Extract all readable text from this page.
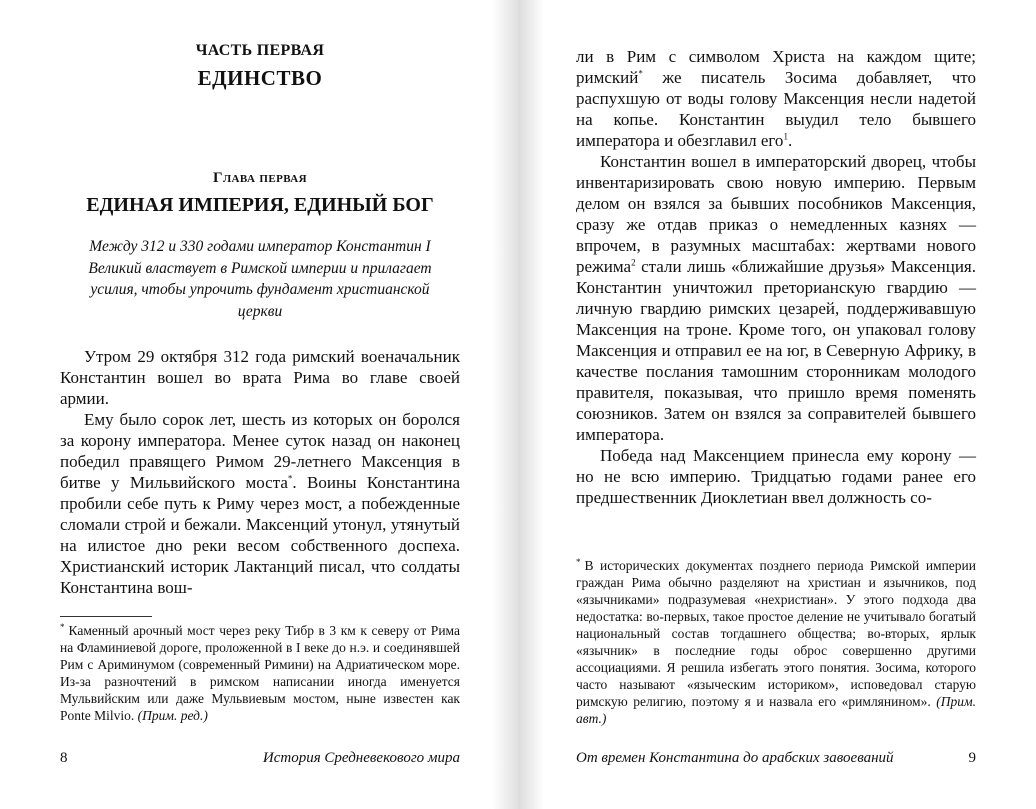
ЧАСТЬ ПЕРВАЯ
ЕДИНСТВО
Глава первая
ЕДИНАЯ ИМПЕРИЯ, ЕДИНЫЙ БОГ
Между 312 и 330 годами император Константин I Великий властвует в Римской империи и прилагает усилия, чтобы упрочить фундамент христианской церкви

Утром 29 октября 312 года римский военачальник Константин вошел во врата Рима во главе своей армии.

Ему было сорок лет, шесть из которых он боролся за корону императора. Менее суток назад он наконец победил правящего Римом 29-летнего Максенция в битве у Мильвийского моста*. Воины Константина пробили себе путь к Риму через мост, а побежденные сломали строй и бежали. Максенций утонул, утянутый на илистое дно реки весом собственного доспеха. Христианский историк Лактанций писал, что солдаты Константина вош-

* Каменный арочный мост через реку Тибр в 3 км к северу от Рима на Фламиниевой дороге, проложенной в I веке до н.э. и соединявшей Рим с Ариминумом (современный Римини) на Адриатическом море. Из-за разночтений в римском написании иногда именуется Мульвийским или даже Мульвиевым мостом, ныне известен как Ponte Milvio. (Прим. ред.)

8	История Средневекового мира

ли в Рим с символом Христа на каждом щите; римский* же писатель Зосима добавляет, что распухшую от воды голову Максенция несли надетой на копье. Константин выудил тело бывшего императора и обезглавил его$^1$.

Константин вошел в императорский дворец, чтобы инвентаризировать свою новую империю. Первым делом он взялся за бывших пособников Максенция, сразу же отдав приказ о немедленных казнях — впрочем, в разумных масштабах: жертвами нового режима$^2$ стали лишь «ближайшие друзья» Максенция. Константин уничтожил преторианскую гвардию — личную гвардию римских цезарей, поддерживавшую Максенция на троне. Кроме того, он упаковал голову Максенция и отправил ее на юг, в Северную Африку, в качестве послания тамошним сторонникам молодого правителя, показывая, что пришло время поменять союзников. Затем он взялся за соправителей бывшего императора.

Победа над Максенцием принесла ему корону — но не всю империю. Тридцатью годами ранее его предшественник Диоклетиан ввел должность со-

* В исторических документах позднего периода Римской империи граждан Рима обычно разделяют на христиан и язычников, под «язычниками» подразумевая «нехристиан». У этого подхода два недостатка: во-первых, такое простое деление не учитывало богатый национальный состав тогдашнего общества; во-вторых, ярлык «язычник» в последние годы оброс совершенно другими ассоциациями. Я решила избегать этого понятия. Зосима, которого часто называют «языческим историком», исповедовал старую римскую религию, поэтому я и назвала его «римлянином». (Прим. авт.)

От времен Константина до арабских завоеваний	9
